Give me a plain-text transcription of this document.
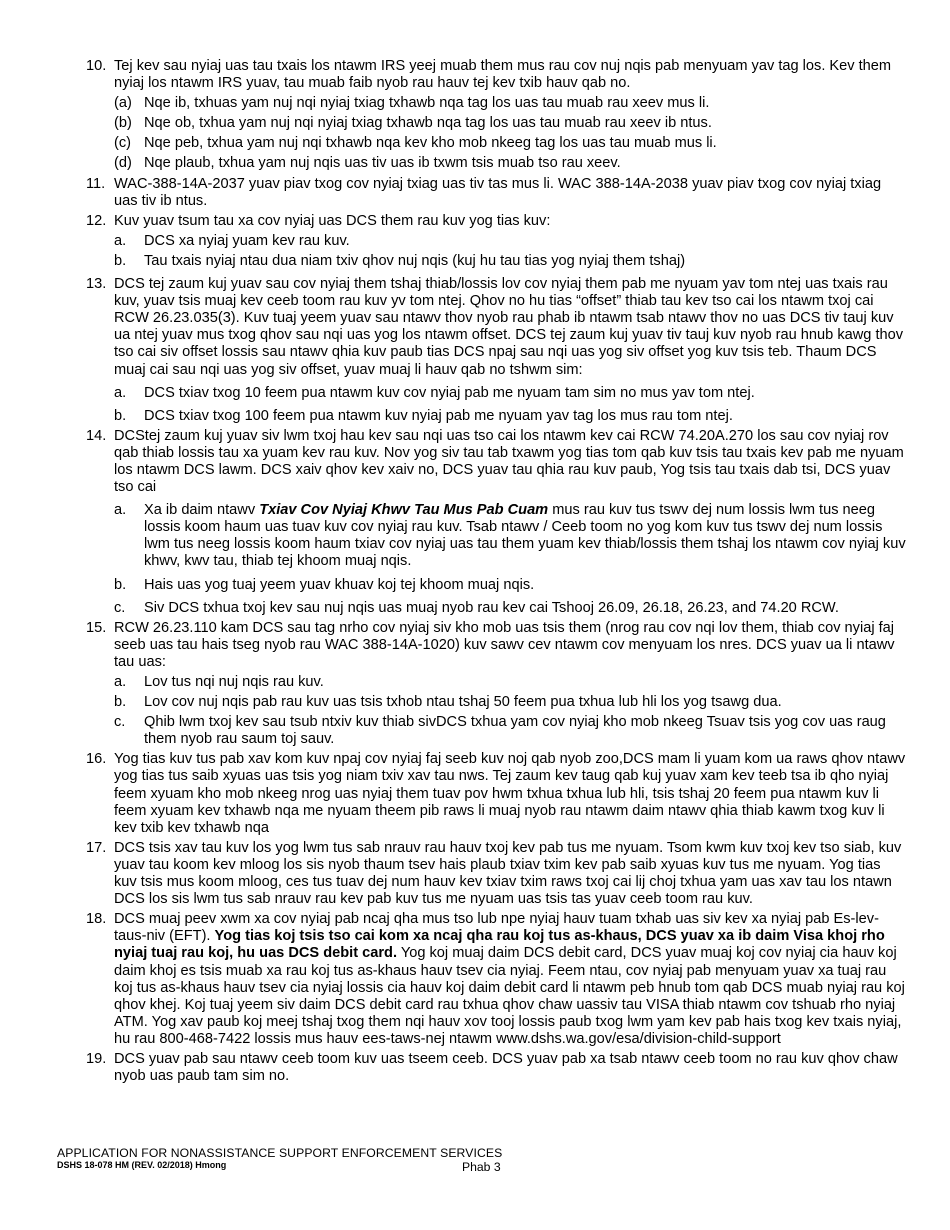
10. Tej kev sau nyiaj uas tau txais los ntawm IRS yeej muab them mus rau cov nuj nqis pab menyuam yav tag los. Kev them nyiaj los ntawm IRS yuav, tau muab faib nyob rau hauv tej kev txib hauv qab no.
(a) Nqe ib, txhuas yam nuj nqi nyiaj txiag txhawb nqa tag los uas tau muab rau xeev mus li.
(b) Nqe ob, txhua yam nuj nqi nyiaj txiag txhawb nqa tag los uas tau muab rau xeev ib ntus.
(c) Nqe peb, txhua yam nuj nqi txhawb nqa kev kho mob nkeeg tag los uas tau muab mus li.
(d) Nqe plaub, txhua yam nuj nqis uas tiv uas ib txwm tsis muab tso rau xeev.
11. WAC-388-14A-2037 yuav piav txog cov nyiaj txiag uas tiv tas mus li. WAC 388-14A-2038 yuav piav txog cov nyiaj txiag uas tiv ib ntus.
12. Kuv yuav tsum tau xa cov nyiaj uas DCS them rau kuv yog tias kuv:
a. DCS xa nyiaj yuam kev rau kuv.
b. Tau txais nyiaj ntau dua niam txiv qhov nuj nqis (kuj hu tau tias yog nyiaj them tshaj)
13. DCS tej zaum kuj yuav sau cov nyiaj them tshaj thiab/lossis lov cov nyiaj them pab me nyuam yav tom ntej uas txais rau kuv, yuav tsis muaj kev ceeb toom rau kuv yv tom ntej. Qhov no hu tias “offset” thiab tau kev tso cai los ntawm txoj cai RCW 26.23.035(3). Kuv tuaj yeem yuav sau ntawv thov nyob rau phab ib ntawm tsab ntawv thov no uas DCS tiv tauj kuv ua ntej yuav mus txog qhov sau nqi uas yog los ntawm offset. DCS tej zaum kuj yuav tiv tauj kuv nyob rau hnub kawg thov tso cai siv offset lossis sau ntawv qhia kuv paub tias DCS npaj sau nqi uas yog siv offset yog kuv tsis teb. Thaum DCS muaj cai sau nqi uas yog siv offset, yuav muaj li hauv qab no tshwm sim:
a. DCS txiav txog 10 feem pua ntawm kuv cov nyiaj pab me nyuam tam sim no mus yav tom ntej.
b. DCS txiav txog 100 feem pua ntawm kuv nyiaj pab me nyuam yav tag los mus rau tom ntej.
14. DCStej zaum kuj yuav siv lwm txoj hau kev sau nqi uas tso cai los ntawm kev cai RCW 74.20A.270 los sau cov nyiaj rov qab thiab lossis tau xa yuam kev rau kuv. Nov yog siv tau tab txawm yog tias tom qab kuv tsis tau txais kev pab me nyuam los ntawm DCS lawm. DCS xaiv qhov kev xaiv no, DCS yuav tau qhia rau kuv paub, Yog tsis tau txais dab tsi, DCS yuav tso cai
a. Xa ib daim ntawv Txiav Cov Nyiaj Khwv Tau Mus Pab Cuam mus rau kuv tus tswv dej num lossis lwm tus neeg lossis koom haum uas tuav kuv cov nyiaj rau kuv. Tsab ntawv / Ceeb toom no yog kom kuv tus tswv dej num lossis lwm tus neeg lossis koom haum txiav cov nyiaj uas tau them yuam kev thiab/lossis them tshaj los ntawm cov nyiaj kuv khwv, kwv tau, thiab tej khoom muaj nqis.
b. Hais uas yog tuaj yeem yuav khuav koj tej khoom muaj nqis.
c. Siv DCS txhua txoj kev sau nuj nqis uas muaj nyob rau kev cai Tshooj 26.09, 26.18, 26.23, and 74.20 RCW.
15. RCW 26.23.110 kam DCS sau tag nrho cov nyiaj siv kho mob uas tsis them (nrog rau cov nqi lov them, thiab cov nyiaj faj seeb uas tau hais tseg nyob rau WAC 388-14A-1020) kuv sawv cev ntawm cov menyuam los nres. DCS yuav ua li ntawv tau uas:
a. Lov tus nqi nuj nqis rau kuv.
b. Lov cov nuj nqis pab rau kuv uas tsis txhob ntau tshaj 50 feem pua txhua lub hli los yog tsawg dua.
c. Qhib lwm txoj kev sau tsub ntxiv kuv thiab sivDCS txhua yam cov nyiaj kho mob nkeeg Tsuav tsis yog cov uas raug them nyob rau saum toj sauv.
16. Yog tias kuv tus pab xav kom kuv npaj cov nyiaj faj seeb kuv noj qab nyob zoo,DCS mam li yuam kom ua raws qhov ntawv yog tias tus saib xyuas uas tsis yog niam txiv xav tau nws. Tej zaum kev taug qab kuj yuav xam kev teeb tsa ib qho nyiaj feem xyuam kho mob nkeeg nrog uas nyiaj them tuav pov hwm txhua txhua lub hli, tsis tshaj 20 feem pua ntawm kuv li feem xyuam kev txhawb nqa me nyuam theem pib raws li muaj nyob rau ntawm daim ntawv qhia thiab kawm txog kuv li kev txib kev txhawb nqa
17. DCS tsis xav tau kuv los yog lwm tus sab nrauv rau hauv txoj kev pab tus me nyuam. Tsom kwm kuv txoj kev tso siab, kuv yuav tau koom kev mloog los sis nyob thaum tsev hais plaub txiav txim kev pab saib xyuas kuv tus me nyuam. Yog tias kuv tsis mus koom mloog, ces tus tuav dej num hauv kev txiav txim raws txoj cai lij choj txhua yam uas xav tau los ntawn DCS los sis lwm tus sab nrauv rau kev pab kuv tus me nyuam uas tsis tas yuav ceeb toom rau kuv.
18. DCS muaj peev xwm xa cov nyiaj pab ncaj qha mus tso lub npe nyiaj hauv tuam txhab uas siv kev xa nyiaj pab Es-lev-taus-niv (EFT). Yog tias koj tsis tso cai kom xa ncaj qha rau koj tus as-khaus, DCS yuav xa ib daim Visa khoj rho nyiaj tuaj rau koj, hu uas DCS debit card. Yog koj muaj daim DCS debit card, DCS yuav muaj koj cov nyiaj cia hauv koj daim khoj es tsis muab xa rau koj tus as-khaus hauv tsev cia nyiaj. Feem ntau, cov nyiaj pab menyuam yuav xa tuaj rau koj tus as-khaus hauv tsev cia nyiaj lossis cia hauv koj daim debit card li ntawm peb hnub tom qab DCS muab nyiaj rau koj qhov khej. Koj tuaj yeem siv daim DCS debit card rau txhua qhov chaw uassiv tau VISA thiab ntawm cov tshuab rho nyiaj ATM. Yog xav paub koj meej tshaj txog them nqi hauv xov tooj lossis paub txog lwm yam kev pab hais txog kev txais nyiaj, hu rau 800-468-7422 lossis mus hauv ees-taws-nej ntawm www.dshs.wa.gov/esa/division-child-support
19. DCS yuav pab sau ntawv ceeb toom kuv uas tseem ceeb. DCS yuav pab xa tsab ntawv ceeb toom no rau kuv qhov chaw nyob uas paub tam sim no.
APPLICATION FOR NONASSISTANCE SUPPORT ENFORCEMENT SERVICES
DSHS 18-078 HM (REV. 02/2018) Hmong	Phab 3
